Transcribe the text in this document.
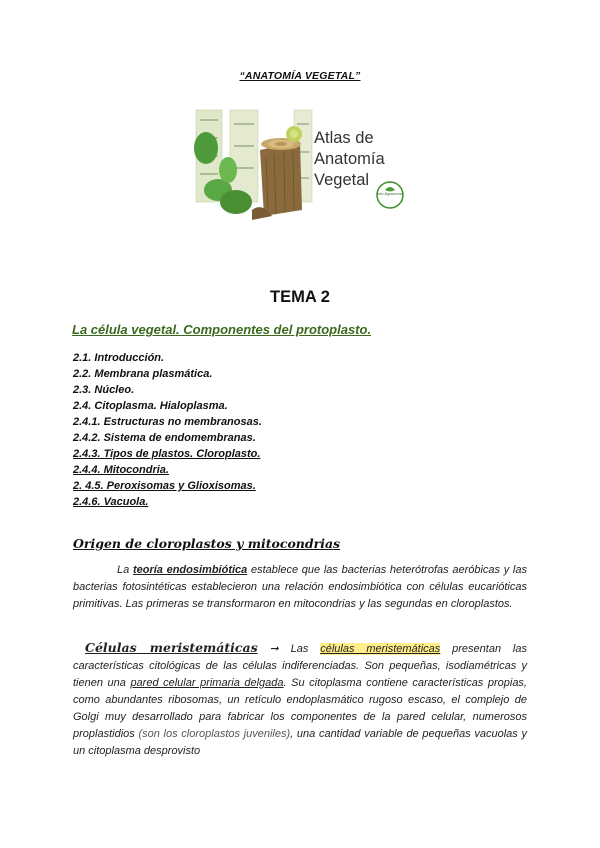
“ANATOMÍA VEGETAL”
Atlas de
Anatomía
Vegetal
Info Agronomo
TEMA 2
La célula vegetal. Componentes del protoplasto.
2.1. Introducción.
2.2. Membrana plasmática.
2.3. Núcleo.
2.4. Citoplasma. Hialoplasma.
2.4.1. Estructuras no membranosas.
2.4.2. Sistema de endomembranas.
2.4.3. Tipos de plastos. Cloroplasto.
2.4.4. Mitocondria.
2. 4.5. Peroxisomas y Glioxisomas.
2.4.6. Vacuola.
Origen de cloroplastos y mitocondrias
La teoría endosimbiótica establece que las bacterias heterótrofas aeróbicas y las bacterias fotosintéticas establecieron una relación endosimbiótica con células eucarióticas primitivas. Las primeras se transformaron en mitocondrias y las segundas en cloroplastos.
Células meristemáticas ➞ Las células meristemáticas presentan las características citológicas de las células indiferenciadas. Son pequeñas, isodiamétricas y tienen una pared celular primaria delgada. Su citoplasma contiene características propias, como abundantes ribosomas, un retículo endoplasmático rugoso escaso, el complejo de Golgi muy desarrollado para fabricar los componentes de la pared celular, numerosos proplastidios (son los cloroplastos juveniles), una cantidad variable de pequeñas vacuolas y un citoplasma desprovisto
